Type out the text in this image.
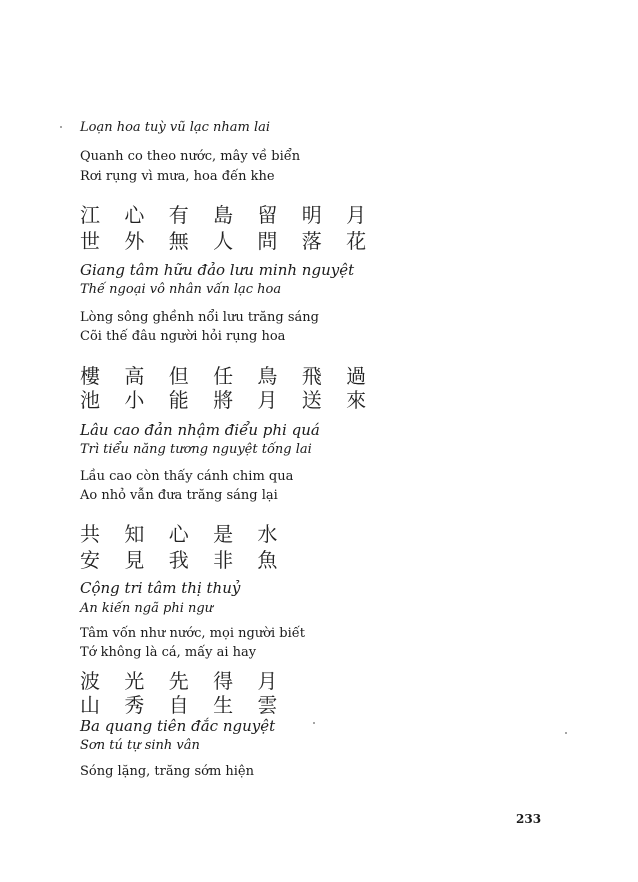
Loạn hoa tuỳ vũ lạc nham lai
Quanh co theo nước, mây về biển
Rơi rụng vì mưa, hoa đến khe
江 心 有 島 留 明 月
世 外 無 人 問 落 花
Giang tâm hữu đảo lưu minh nguyệt
Thế ngoại vô nhân vấn lạc hoa
Lòng sông ghềnh nổi lưu trăng sáng
Cõi thế đâu người hỏi rụng hoa
樓 高 但 任 鳥 飛 過
池 小 能 將 月 送 來
Lâu cao đản nhậm điểu phi quá
Trì tiểu năng tương nguyệt tống lai
Lầu cao còn thấy cánh chim qua
Ao nhỏ vẫn đưa trăng sáng lại
共 知 心 是 水
安 見 我 非 魚
Cộng tri tâm thị thuỷ
An kiến ngã phi ngư
Tâm vốn như nước, mọi người biết
Tớ không là cá, mấy ai hay
波 光 先 得 月
山 秀 自 生 雲
Ba quang tiên đắc nguyệt
Sơn tú tự sinh vân
Sóng lặng, trăng sớm hiện
233
